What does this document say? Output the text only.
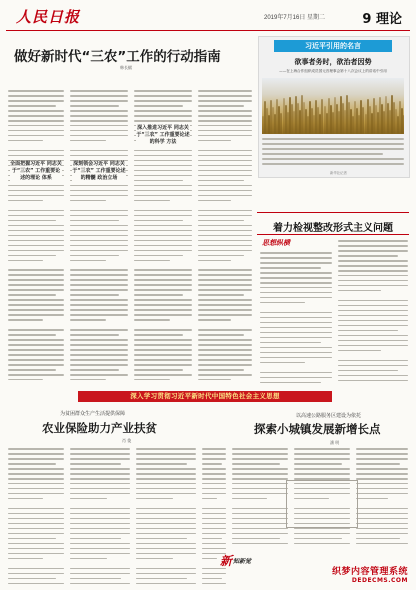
人民日报	2019年7月16日 星期二	9 理论
做好新时代“三农”工作的行动指南
韩长赋
全面把握习近平 同志关于“三农” 工作重要论述的理论 体系
深刻领会习近平 同志关于“三农” 工作重要论述的精髓 政治立场
深入推进习近平 同志关于“三农” 工作重要论述的科学 方法
习近平引用的名言
欲事者务时，欲治者因势
——在上海合作组织成员国元首理事会第十八次会议上的讲话中引用
新华社记者
着力检视整改形式主义问题
思想纵横
深入学习贯彻习近平新时代中国特色社会主义思想
为贫困群众生产生活提供保障
农业保险助力产业扶贫
肖 俊
新 知新觉
以高速公路服务区建设为依托
探索小城镇发展新增长点
潘 明
织梦内容管理系统
DEDECMS.COM
